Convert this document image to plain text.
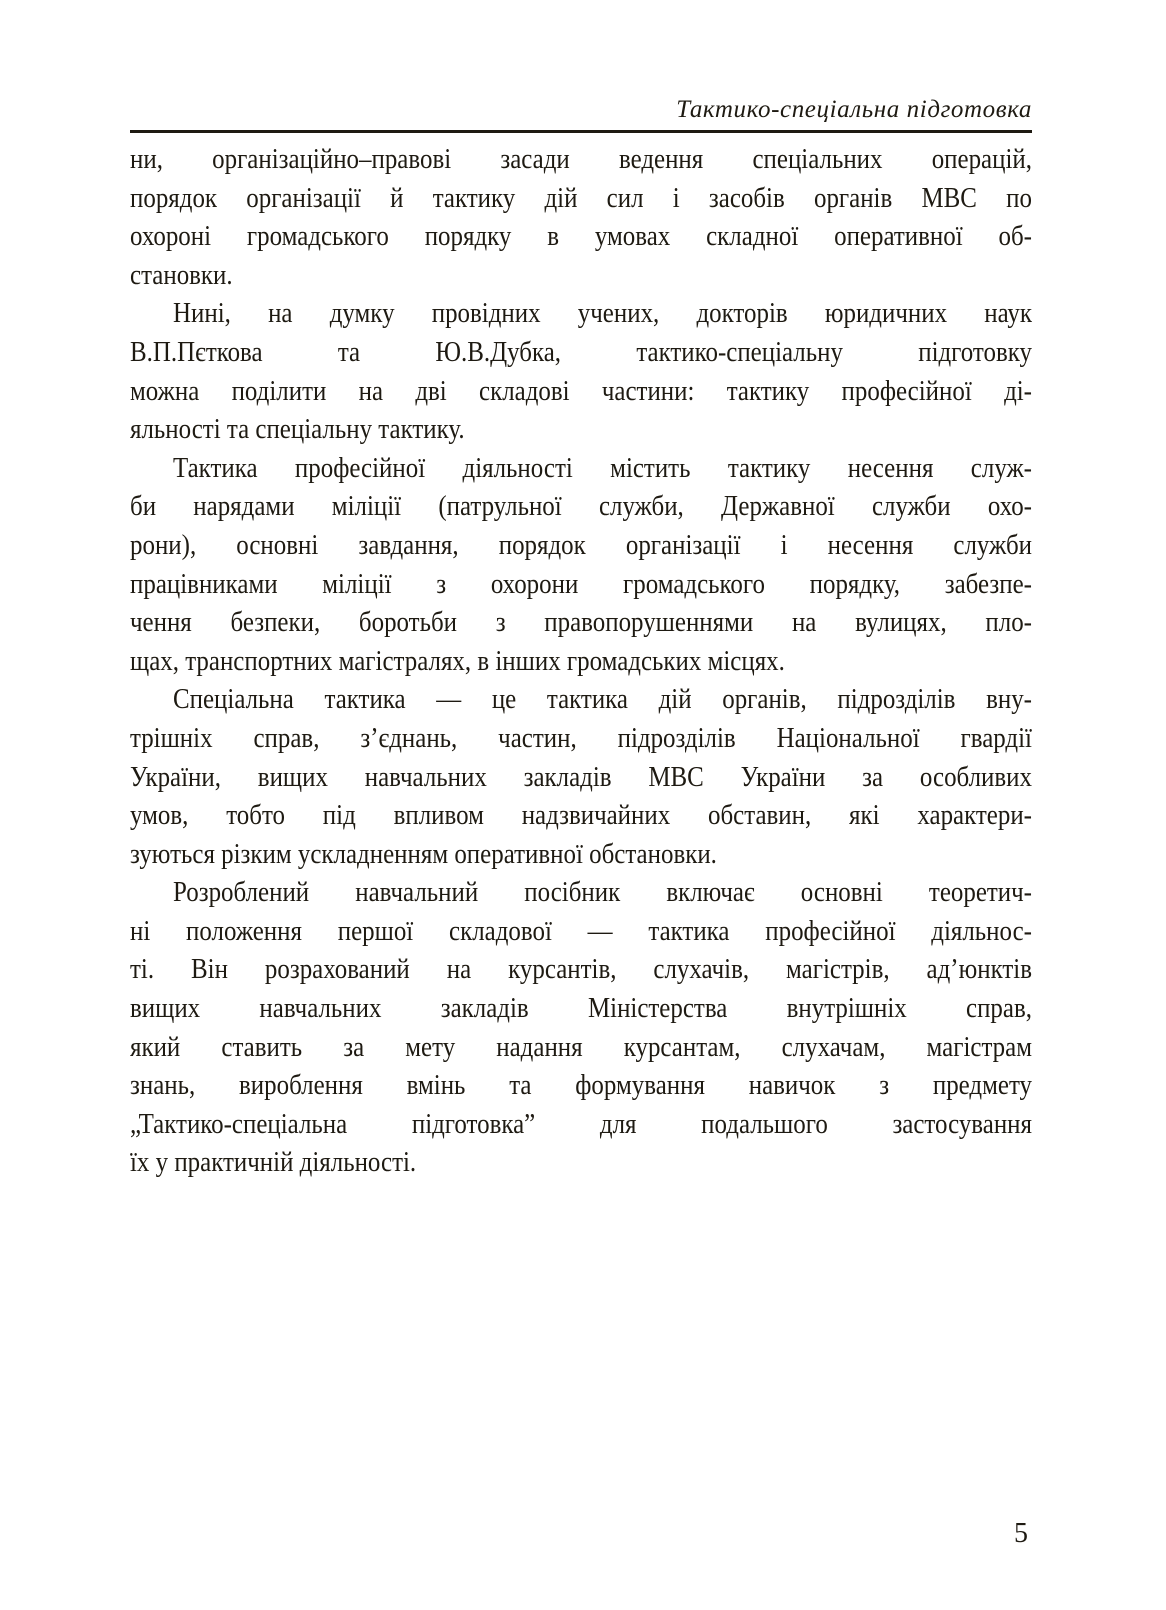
Тактико-спеціальна підготовка

ни, організаційно–правові засади ведення спеціальних операцій,
порядок організації й тактику дій сил і засобів органів МВС по
охороні громадського порядку в умовах складної оперативної об-
становки.

Нині, на думку провідних учених, докторів юридичних наук
В.П.Пєткова та Ю.В.Дубка, тактико-спеціальну підготовку
можна поділити на дві складові частини: тактику професійної ді-
яльності та спеціальну тактику.

Тактика професійної діяльності містить тактику несення служ-
би нарядами міліції (патрульної служби, Державної служби охо-
рони), основні завдання, порядок організації і несення служби
працівниками міліції з охорони громадського порядку, забезпе-
чення безпеки, боротьби з правопорушеннями на вулицях, пло-
щах, транспортних магістралях, в інших громадських місцях.

Спеціальна тактика — це тактика дій органів, підрозділів вну-
трішніх справ, з’єднань, частин, підрозділів Національної гвардії
України, вищих навчальних закладів МВС України за особливих
умов, тобто під впливом надзвичайних обставин, які характери-
зуються різким ускладненням оперативної обстановки.

Розроблений навчальний посібник включає основні теоретич-
ні положення першої складової — тактика професійної діяльнос-
ті. Він розрахований на курсантів, слухачів, магістрів, ад’юнктів
вищих навчальних закладів Міністерства внутрішніх справ,
який ставить за мету надання курсантам, слухачам, магістрам
знань, вироблення вмінь та формування навичок з предмету
„Тактико-спеціальна підготовка” для подальшого застосування
їх у практичній діяльності.

5
